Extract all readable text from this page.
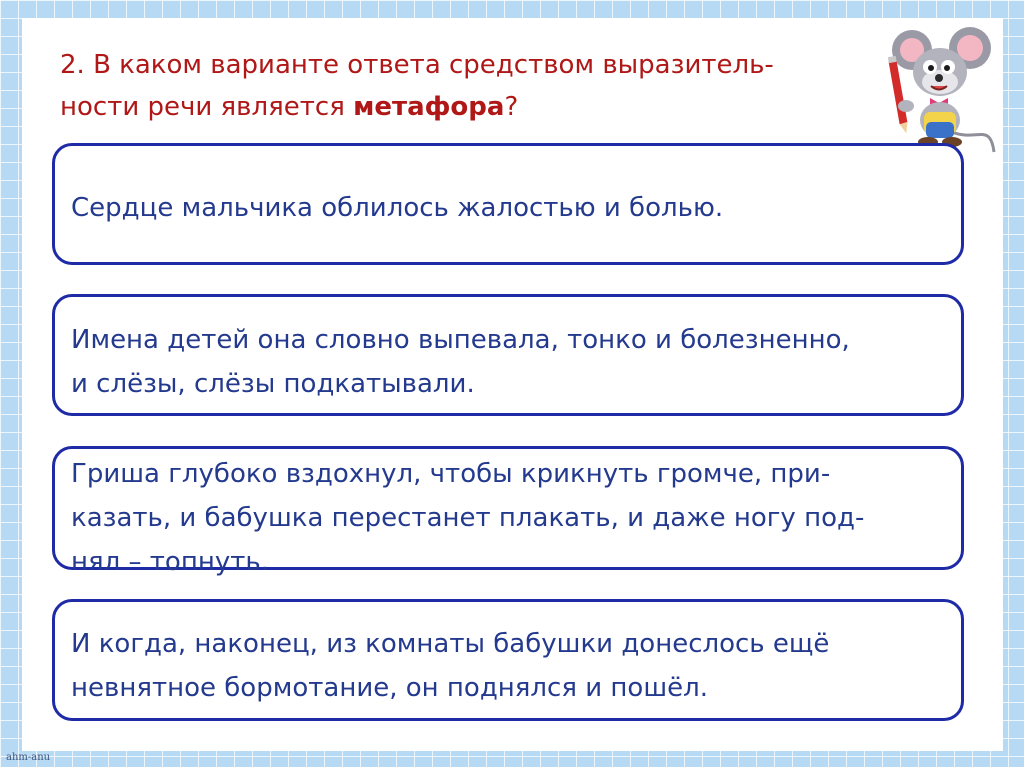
2. В каком варианте ответа средством выразитель-
ности речи является метафора?
Сердце мальчика облилось жалостью и болью.
Имена детей она словно выпевала, тонко и болезненно,
и слёзы, слёзы подкатывали.
Гриша глубоко вздохнул, чтобы крикнуть громче, при-
казать, и бабушка перестанет плакать, и даже ногу под-
нял – топнуть.
И когда, наконец, из комнаты бабушки донеслось ещё
невнятное бормотание, он поднялся и пошёл.
ahm-anu
